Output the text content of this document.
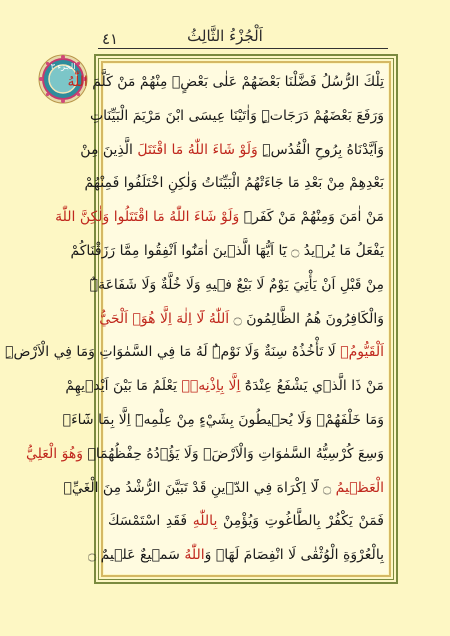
٤١	اَلْجُزْءُ الثَّالِثُ
الجزء ٣
تِلْكَ الرُّسُلُ فَضَّلْنَا بَعْضَهُمْ عَلٰى بَعْضٍۢ مِنْهُمْ مَنْ كَلَّمَ اللّٰهُ
وَرَفَعَ بَعْضَهُمْ دَرَجَاتٍۜ وَاٰتَيْنَا عِيسَى ابْنَ مَرْيَمَ الْبَيِّنَاتِ
وَاَيَّدْنَاهُ بِرُوحِ الْقُدُسِۜ وَلَوْ شَاءَ اللّٰهُ مَا اقْتَتَلَ الَّذِينَ مِنْ
بَعْدِهِمْ مِنْ بَعْدِ مَا جَاءَتْهُمُ الْبَيِّنَاتُ وَلٰكِنِ اخْتَلَفُوا فَمِنْهُمْ
مَنْ اٰمَنَ وَمِنْهُمْ مَنْ كَفَرَۜ وَلَوْ شَاءَ اللّٰهُ مَا اقْتَتَلُوا وَلٰكِنَّ اللّٰهَ
يَفْعَلُ مَا يُر۪يدُ ۝ يَٓا اَيُّهَا الَّذ۪ينَ اٰمَنُٓوا اَنْفِقُوا مِمَّا رَزَقْنَاكُمْ
مِنْ قَبْلِ اَنْ يَأْتِيَ يَوْمٌ لَا بَيْعٌ ف۪يهِ وَلَا خُلَّةٌ وَلَا شَفَاعَةٌۜ
وَالْكَافِرُونَ هُمُ الظَّالِمُونَ ۝ اَللّٰهُ لَٓا اِلٰهَ اِلَّا هُوَۚ اَلْحَيُّ
اَلْقَيُّومُۚ لَا تَأْخُذُهُ سِنَةٌ وَلَا نَوْمٌۜ لَهُ مَا فِي السَّمٰوَاتِ وَمَا فِي الْاَرْضِۜ
مَنْ ذَا الَّذ۪ي يَشْفَعُ عِنْدَهُٓ اِلَّا بِاِذْنِه۪ۜ يَعْلَمُ مَا بَيْنَ اَيْد۪يهِمْ
وَمَا خَلْفَهُمْۚ وَلَا يُح۪يطُونَ بِشَيْءٍ مِنْ عِلْمِه۪ٓ اِلَّا بِمَا شَٓاءَۚ
وَسِعَ كُرْسِيُّهُ السَّمٰوَاتِ وَالْاَرْضَۚ وَلَا يَؤُ۫دُهُ حِفْظُهُمَاۚ وَهُوَ الْعَلِيُّ
الْعَظ۪يمُ ۝ لَٓا اِكْرَاهَ فِي الدّ۪ينِ قَدْ تَبَيَّنَ الرُّشْدُ مِنَ الْغَيِّۚ
فَمَنْ يَكْفُرْ بِالطَّاغُوتِ وَيُؤْمِنْ بِاللّٰهِ فَقَدِ اسْتَمْسَكَ
بِالْعُرْوَةِ الْوُثْقٰى لَا انْفِصَامَ لَهَاۜ وَاللّٰهُ سَم۪يعٌ عَل۪يمٌ ۝
